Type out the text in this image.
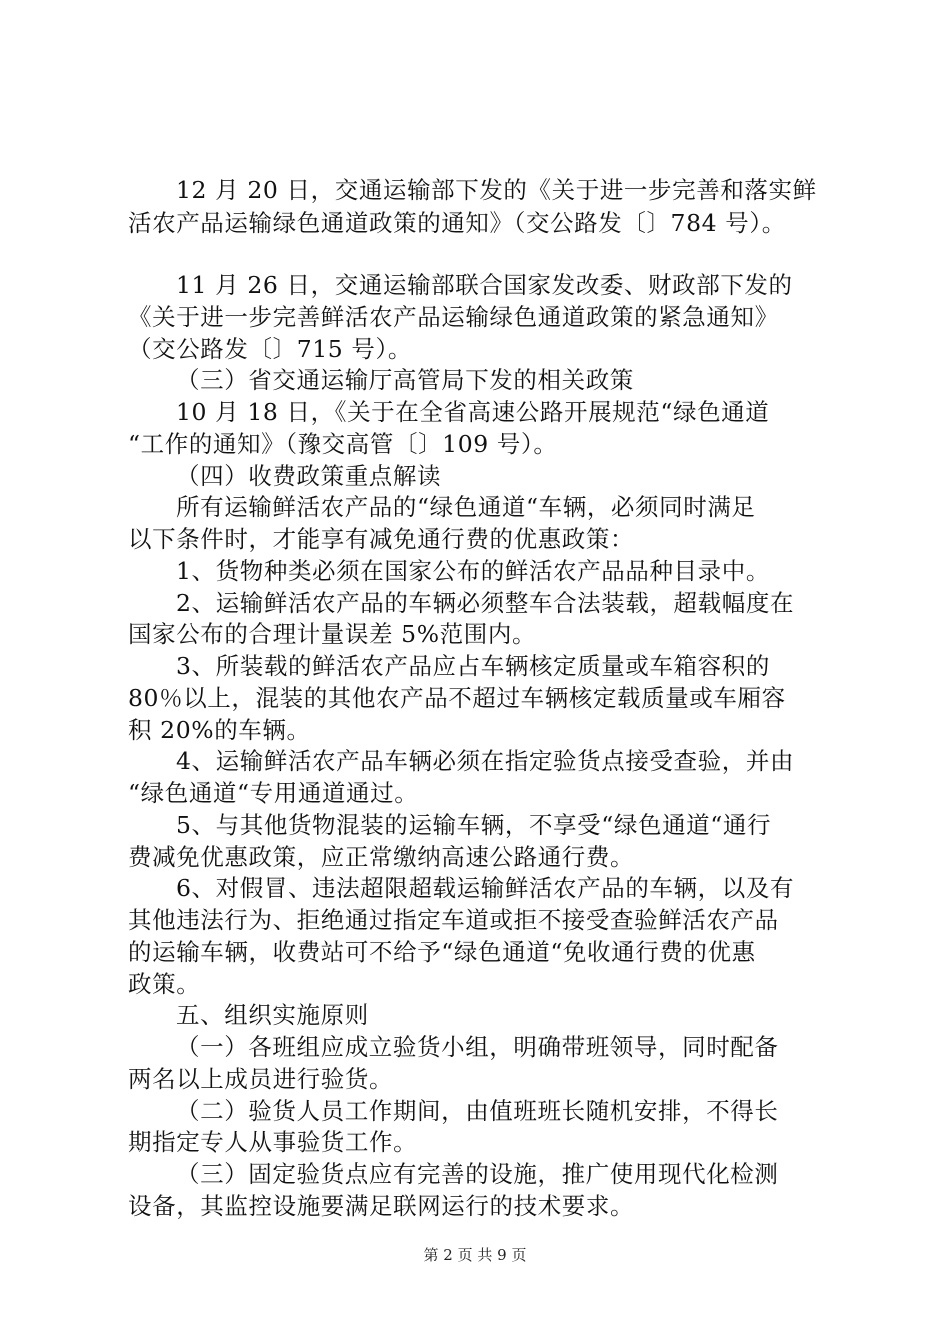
12 月 20 日，交通运输部下发的《关于进一步完善和落实鲜
活农产品运输绿色通道政策的通知》（交公路发〔〕784 号）。
11 月 26 日，交通运输部联合国家发改委、财政部下发的
《关于进一步完善鲜活农产品运输绿色通道政策的紧急通知》
（交公路发〔〕715 号）。
（三）省交通运输厅高管局下发的相关政策
10 月 18 日，《关于在全省高速公路开展规范“绿色通道
“工作的通知》（豫交高管〔〕109 号）。
（四）收费政策重点解读
所有运输鲜活农产品的“绿色通道“车辆，必须同时满足
以下条件时，才能享有减免通行费的优惠政策：
1、货物种类必须在国家公布的鲜活农产品品种目录中。
2、运输鲜活农产品的车辆必须整车合法装载，超载幅度在
国家公布的合理计量误差 5%范围内。
3、所装载的鲜活农产品应占车辆核定质量或车箱容积的
80％以上，混装的其他农产品不超过车辆核定载质量或车厢容
积 20%的车辆。
4、运输鲜活农产品车辆必须在指定验货点接受查验，并由
“绿色通道“专用通道通过。
5、与其他货物混装的运输车辆，不享受“绿色通道“通行
费减免优惠政策，应正常缴纳高速公路通行费。
6、对假冒、违法超限超载运输鲜活农产品的车辆，以及有
其他违法行为、拒绝通过指定车道或拒不接受查验鲜活农产品
的运输车辆，收费站可不给予“绿色通道“免收通行费的优惠
政策。
五、组织实施原则
（一）各班组应成立验货小组，明确带班领导，同时配备
两名以上成员进行验货。
（二）验货人员工作期间，由值班班长随机安排，不得长
期指定专人从事验货工作。
（三）固定验货点应有完善的设施，推广使用现代化检测
设备，其监控设施要满足联网运行的技术要求。
第 2 页 共 9 页
